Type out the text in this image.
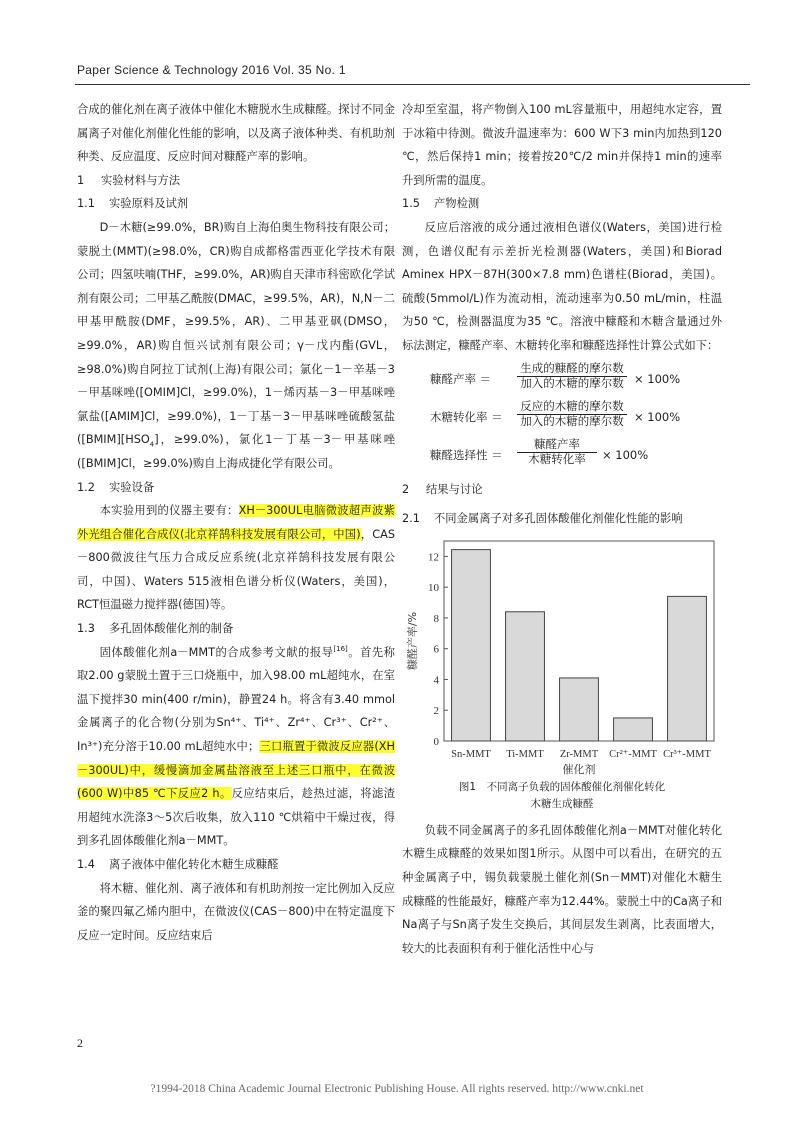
Paper Science & Technology 2016 Vol. 35 No. 1

合成的催化剂在离子液体中催化木糖脱水生成糠醛。探讨不同金属离子对催化剂催化性能的影响，以及离子液体种类、有机助剂种类、反应温度、反应时间对糠醛产率的影响。

1 实验材料与方法

1.1 实验原料及试剂

D－木糖(≥99.0%，BR)购自上海伯奥生物科技有限公司；蒙脱土(MMT)(≥98.0%，CR)购自成都格雷西亚化学技术有限公司；四氢呋喃(THF，≥99.0%，AR)购自天津市科密欧化学试剂有限公司；二甲基乙酰胺(DMAC，≥99.5%，AR)，N,N－二甲基甲酰胺(DMF，≥99.5%，AR)、二甲基亚砜(DMSO，≥99.0%，AR)购自恒兴试剂有限公司；γ－戊内酯(GVL，≥98.0%)购自阿拉丁试剂(上海)有限公司；氯化－1－辛基－3－甲基咪唑([OMIM]Cl，≥99.0%)，1－烯丙基－3－甲基咪唑氯盐([AMIM]Cl，≥99.0%)，1－丁基－3－甲基咪唑硫酸氢盐($[BMIM][HSO_4]$，≥99.0%)，氯化1－丁基－3－甲基咪唑([BMIM]Cl，≥99.0%)购自上海成捷化学有限公司。

1.2 实验设备

本实验用到的仪器主要有：XH－300UL电脑微波超声波紫外光组合催化合成仪(北京祥鹄科技发展有限公司，中国)，CAS－800微波往气压力合成反应系统(北京祥鹄科技发展有限公司，中国)、Waters 515液相色谱分析仪(Waters，美国)，RCT恒温磁力搅拌器(德国)等。

1.3 多孔固体酸催化剂的制备

固体酸催化剂a－MMT的合成参考文献的报导[16]。首先称取2.00 g蒙脱土置于三口烧瓶中，加入98.00 mL超纯水，在室温下搅拌30 min(400 r/min)，静置24 h。将含有3.40 mmol金属离子的化合物(分别为Sn⁴⁺、Ti⁴⁺、Zr⁴⁺、Cr³⁺、Cr²⁺、In³⁺)充分溶于10.00 mL超纯水中；三口瓶置于微波反应器(XH－300UL)中，缓慢滴加金属盐溶液至上述三口瓶中，在微波(600 W)中85 ℃下反应2 h。反应结束后，趁热过滤，将滤渣用超纯水洗涤3～5次后收集，放入110 ℃烘箱中干燥过夜，得到多孔固体酸催化剂a－MMT。

1.4 离子液体中催化转化木糖生成糠醛

将木糖、催化剂、离子液体和有机助剂按一定比例加入反应釜的聚四氟乙烯内胆中，在微波仪(CAS－800)中在特定温度下反应一定时间。反应结束后

冷却至室温，将产物倒入100 mL容量瓶中，用超纯水定容，置于冰箱中待测。微波升温速率为：600 W下3 min内加热到120 ℃，然后保持1 min；接着按20℃/2 min并保持1 min的速率升到所需的温度。

1.5 产物检测

反应后溶液的成分通过液相色谱仪(Waters，美国)进行检测，色谱仪配有示差折光检测器(Waters，美国)和Biorad Aminex HPX－87H(300×7.8 mm)色谱柱(Biorad，美国)。硫酸(5mmol/L)作为流动相，流动速率为0.50 mL/min，柱温为50 ℃，检测器温度为35 ℃。溶液中糠醛和木糖含量通过外标法测定，糠醛产率、木糖转化率和糠醛选择性计算公式如下：

糠醛产率 ＝
生成的糠醛的摩尔数
加入的木糖的摩尔数 × 100%
木糖转化率 ＝
反应的木糖的摩尔数
加入的木糖的摩尔数 × 100%
糠醛选择性 ＝
糠醛产率
木糖转化率	× 100%

2 结果与讨论

2.1 不同金属离子对多孔固体酸催化剂催化性能的影响

0
2
4
6
8
10
12
Sn-MMT Ti-MMT Zr-MMT Cr²⁺-MMT Cr³⁺-MMT
催化剂
糠醛产率/%
图1　不同离子负载的固体酸催化剂催化转化
木糖生成糠醛

负载不同金属离子的多孔固体酸催化剂a－MMT对催化转化木糖生成糠醛的效果如图1所示。从图中可以看出，在研究的五种金属离子中，锡负载蒙脱土催化剂(Sn－MMT)对催化木糖生成糠醛的性能最好，糠醛产率为12.44%。蒙脱土中的Ca离子和Na离子与Sn离子发生交换后，其间层发生剥离，比表面增大，较大的比表面积有利于催化活性中心与

2
?1994-2018 China Academic Journal Electronic Publishing House. All rights reserved. http://www.cnki.net
